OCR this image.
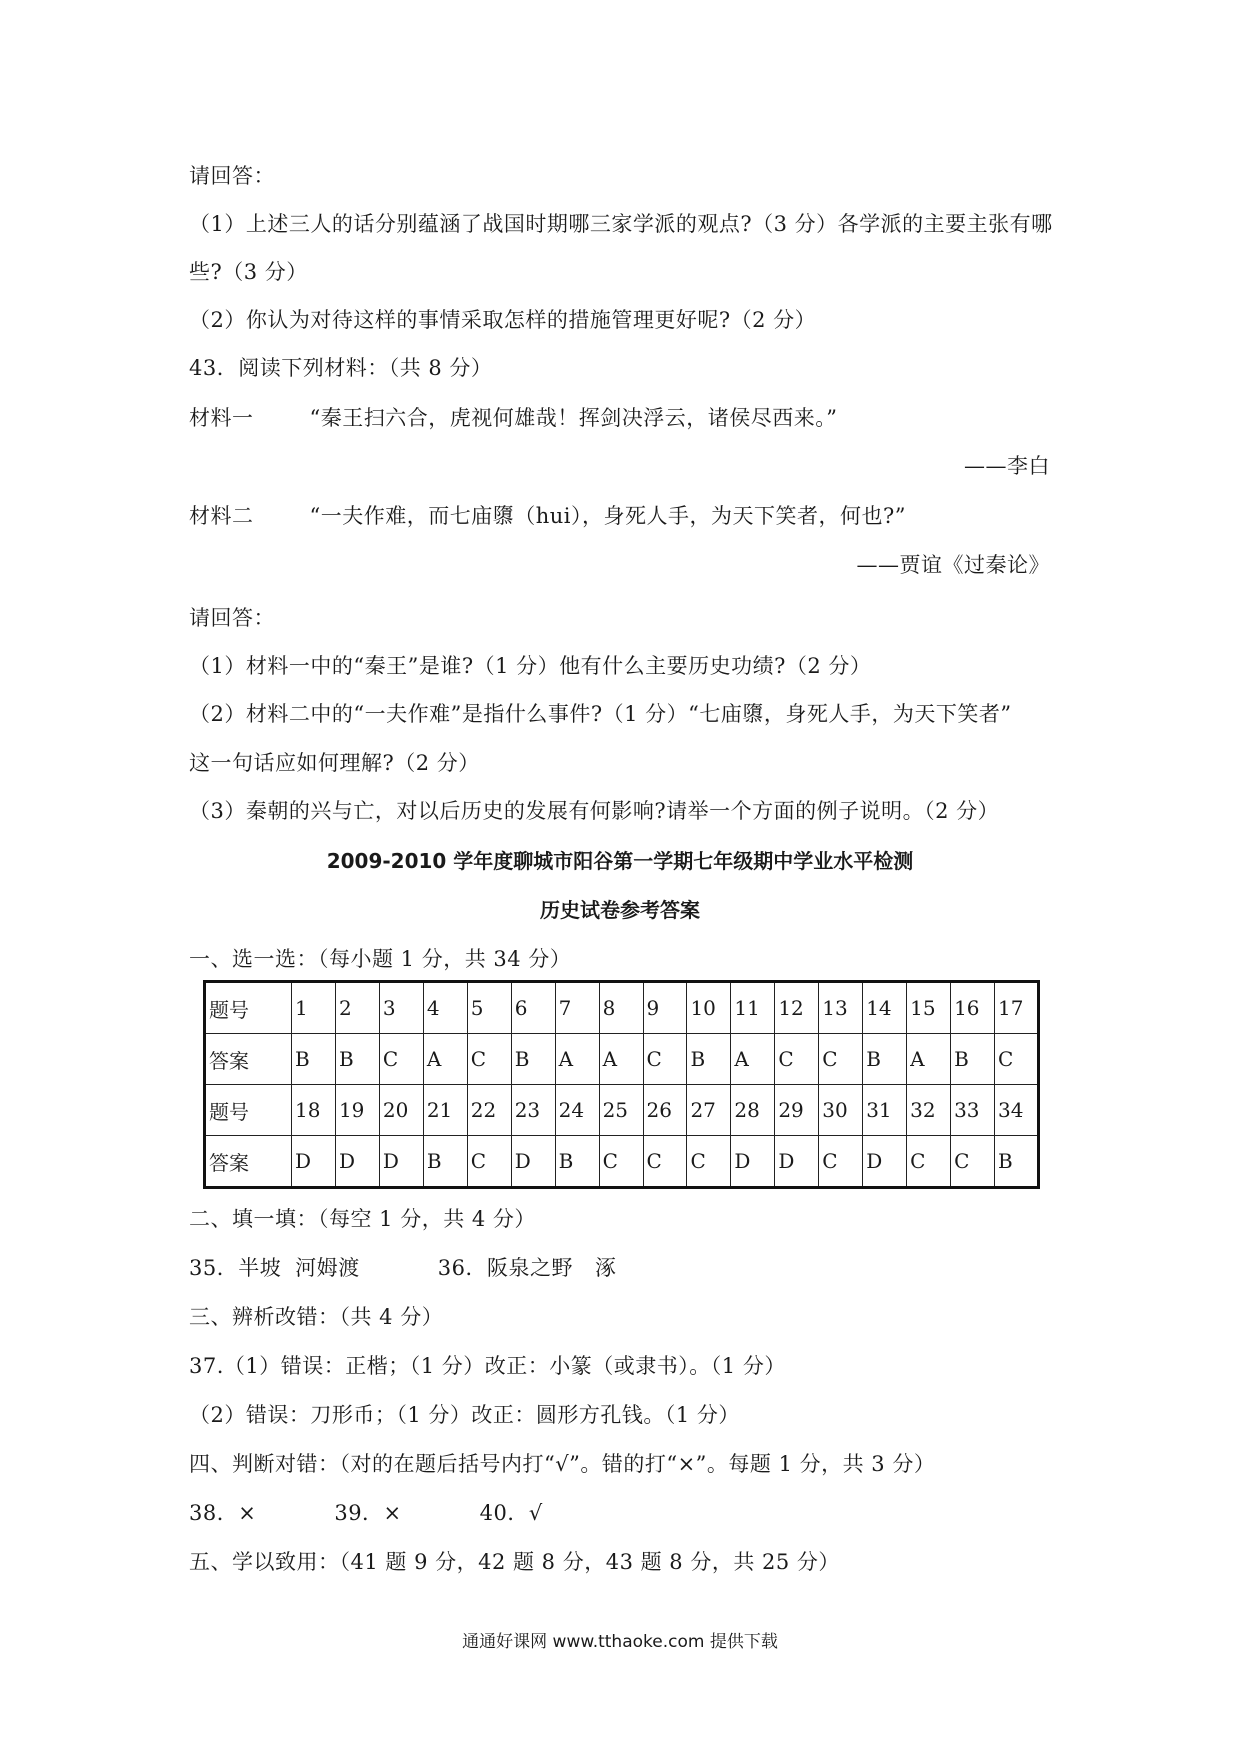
请回答：
（1）上述三人的话分别蕴涵了战国时期哪三家学派的观点?（3 分）各学派的主要主张有哪
些?（3 分）
（2）你认为对待这样的事情采取怎样的措施管理更好呢?（2 分）
43．阅读下列材料：（共 8 分）
材料一	“秦王扫六合，虎视何雄哉！挥剑决浮云，诸侯尽西来。”
——李白
材料二	“一夫作难，而七庙隳（hui），身死人手，为天下笑者，何也?”
——贾谊《过秦论》
请回答：
（1）材料一中的“秦王”是谁?（1 分）他有什么主要历史功绩?（2 分）
（2）材料二中的“一夫作难”是指什么事件?（1 分）“七庙隳，身死人手，为天下笑者”
这一句话应如何理解?（2 分）
（3）秦朝的兴与亡，对以后历史的发展有何影响?请举一个方面的例子说明。（2 分）
2009-2010 学年度聊城市阳谷第一学期七年级期中学业水平检测
历史试卷参考答案
一、选一选：（每小题 1 分，共 34 分）
题号	1	2	3	4	5	6	7	8	9	10	11	12	13	14	15	16	17
答案	B	B	C	A	C	B	A	A	C	B	A	C	C	B	A	B	C
题号	18	19	20	21	22	23	24	25	26	27	28	29	30	31	32	33	34
答案	D	D	D	B	C	D	B	C	C	C	D	D	C	D	C	C	B
二、填一填：（每空 1 分，共 4 分）
35．半坡 河姆渡	36．阪泉之野 涿
三、辨析改错：（共 4 分）
37.（1）错误：正楷；（1 分）改正：小篆（或隶书）。（1 分）
（2）错误：刀形币；（1 分）改正：圆形方孔钱。（1 分）
四、判断对错：（对的在题后括号内打“√”。错的打“×”。每题 1 分，共 3 分）
38．×	39．×	40．√
五、学以致用：（41 题 9 分，42 题 8 分，43 题 8 分，共 25 分）
通通好课网 www.tthaoke.com 提供下载
